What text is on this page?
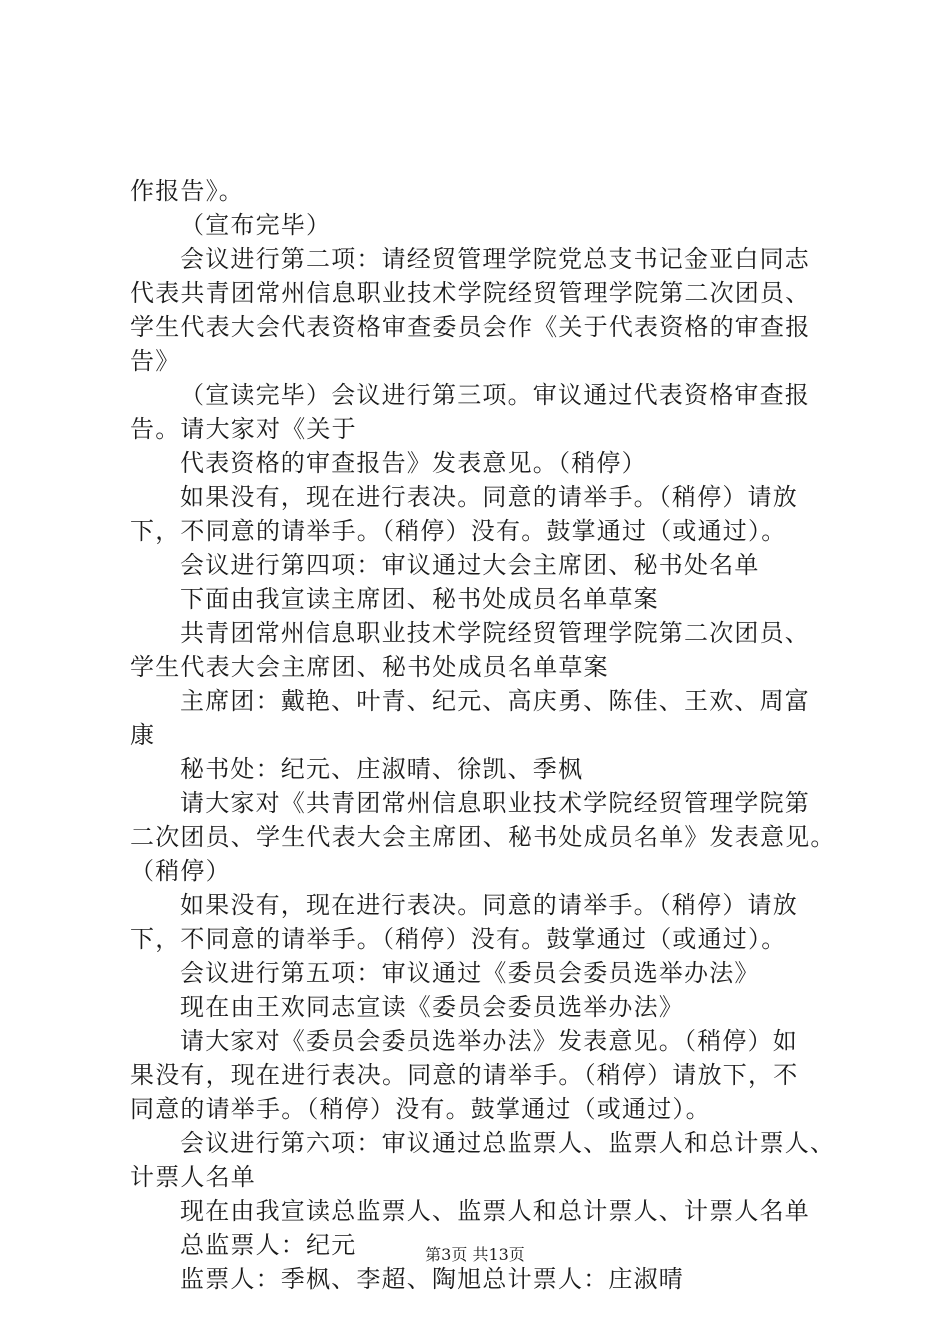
作报告》。
（宣布完毕）
会议进行第二项：请经贸管理学院党总支书记金亚白同志
代表共青团常州信息职业技术学院经贸管理学院第二次团员、
学生代表大会代表资格审查委员会作《关于代表资格的审查报
告》
（宣读完毕）会议进行第三项。审议通过代表资格审查报
告。请大家对《关于
代表资格的审查报告》发表意见。（稍停）
如果没有，现在进行表决。同意的请举手。（稍停）请放
下，不同意的请举手。（稍停）没有。鼓掌通过（或通过）。
会议进行第四项：审议通过大会主席团、秘书处名单
下面由我宣读主席团、秘书处成员名单草案
共青团常州信息职业技术学院经贸管理学院第二次团员、
学生代表大会主席团、秘书处成员名单草案
主席团：戴艳、叶青、纪元、高庆勇、陈佳、王欢、周富
康
秘书处：纪元、庄淑晴、徐凯、季枫
请大家对《共青团常州信息职业技术学院经贸管理学院第
二次团员、学生代表大会主席团、秘书处成员名单》发表意见。
（稍停）
如果没有，现在进行表决。同意的请举手。（稍停）请放
下，不同意的请举手。（稍停）没有。鼓掌通过（或通过）。
会议进行第五项：审议通过《委员会委员选举办法》
现在由王欢同志宣读《委员会委员选举办法》
请大家对《委员会委员选举办法》发表意见。（稍停）如
果没有，现在进行表决。同意的请举手。（稍停）请放下，不
同意的请举手。（稍停）没有。鼓掌通过（或通过）。
会议进行第六项：审议通过总监票人、监票人和总计票人、
计票人名单
现在由我宣读总监票人、监票人和总计票人、计票人名单
总监票人：纪元
监票人：季枫、李超、陶旭总计票人：庄淑晴
第3页 共13页
